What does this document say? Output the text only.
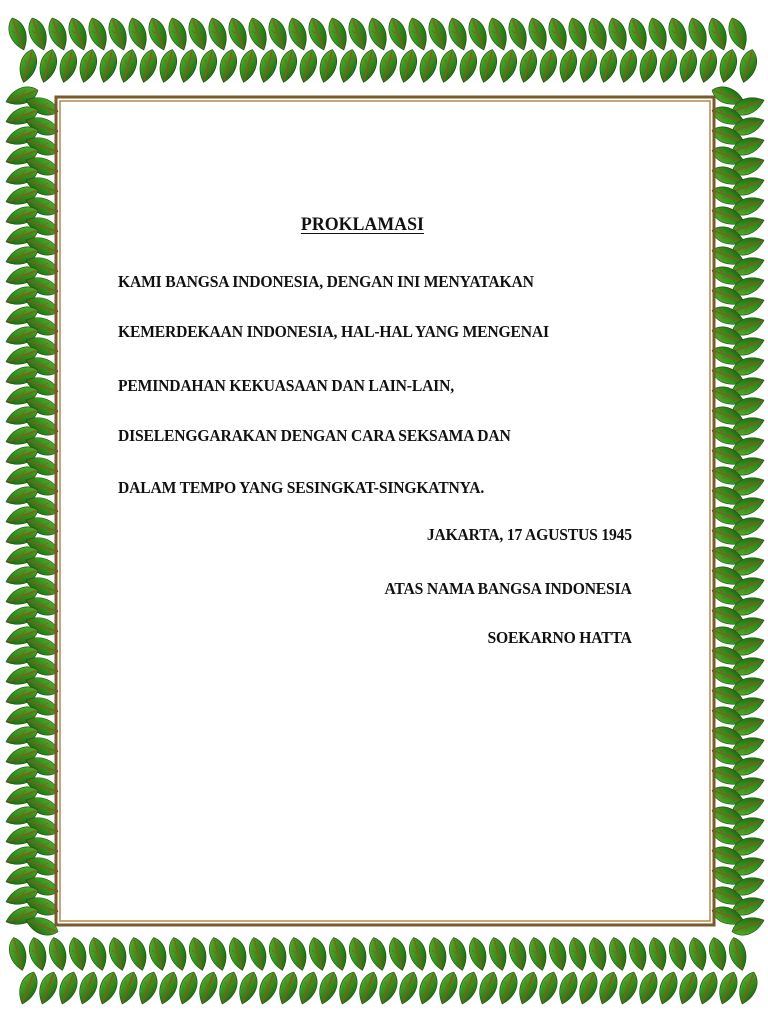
PROKLAMASI
KAMI BANGSA INDONESIA, DENGAN INI MENYATAKAN
KEMERDEKAAN INDONESIA, HAL-HAL YANG MENGENAI
PEMINDAHAN KEKUASAAN DAN LAIN-LAIN,
DISELENGGARAKAN DENGAN CARA SEKSAMA DAN
DALAM TEMPO YANG SESINGKAT-SINGKATNYA.
JAKARTA, 17 AGUSTUS 1945
ATAS NAMA BANGSA INDONESIA
SOEKARNO HATTA
